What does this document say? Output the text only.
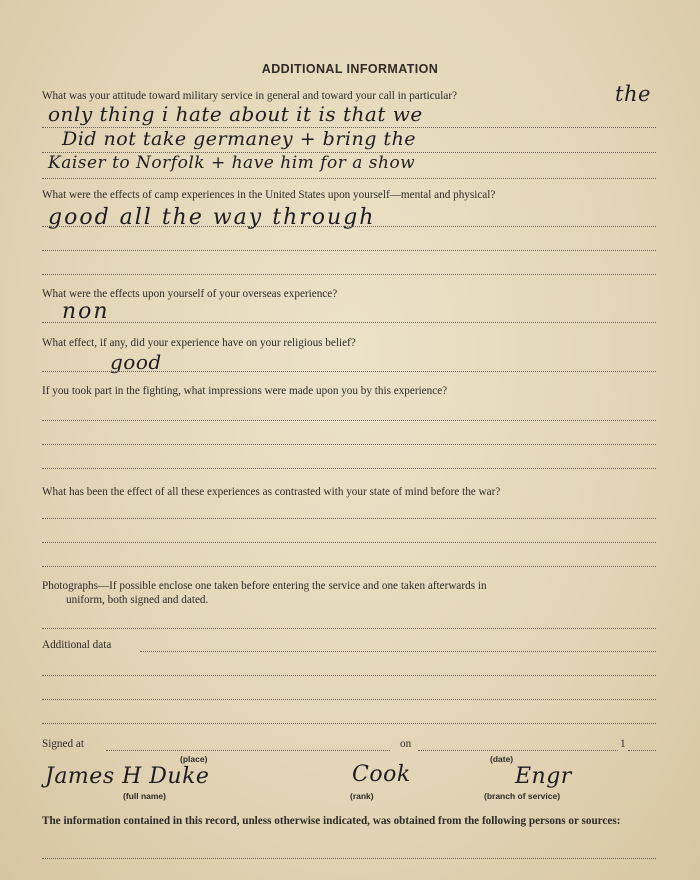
ADDITIONAL INFORMATION
What was your attitude toward military service in general and toward your call in particular?	the
only thing i hate about it is that we
Did not take germaney + bring the
Kaiser to Norfolk + have him for a show
What were the effects of camp experiences in the United States upon yourself—mental and physical?
good all the way through
What were the effects upon yourself of your overseas experience?
non
What effect, if any, did your experience have on your religious belief?
good
If you took part in the fighting, what impressions were made upon you by this experience?
What has been the effect of all these experiences as contrasted with your state of mind before the war?
Photographs—If possible enclose one taken before entering the service and one taken afterwards in
uniform, both signed and dated.
Additional data
Signed at	on	1
(place)	(date)
James H Duke	Cook	Engr
(full name)	(rank)	(branch of service)
The information contained in this record, unless otherwise indicated, was obtained from the following persons or sources:
